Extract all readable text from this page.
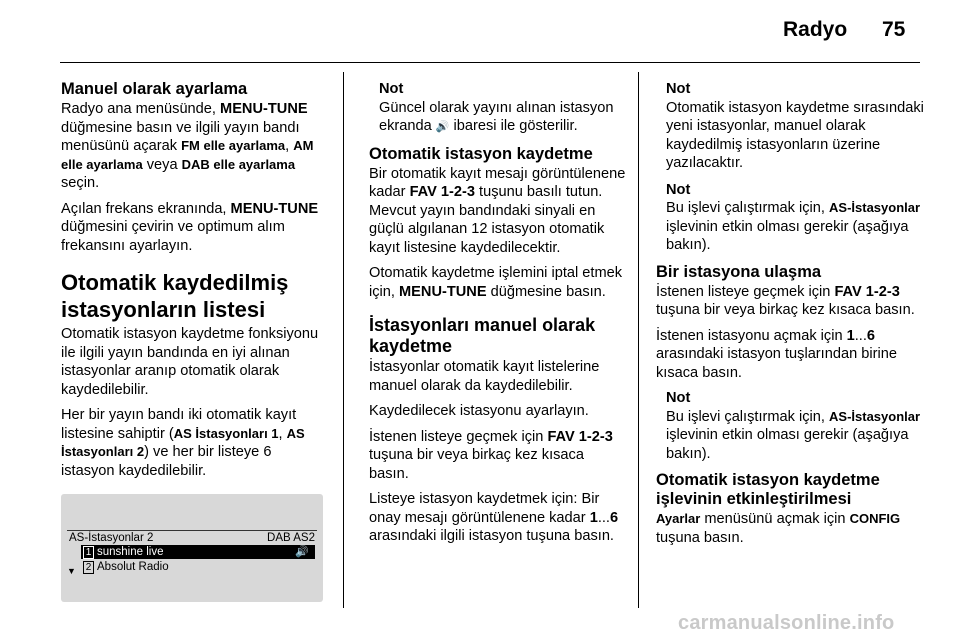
Radyo 75
Manuel olarak ayarlama

Radyo ana menüsünde, MENU-TUNE düğmesine basın ve ilgili yayın bandı menüsünü açarak FM elle ayarlama, AM elle ayarlama veya DAB elle ayarlama seçin.

Açılan frekans ekranında, MENU-TUNE düğmesini çevirin ve optimum alım frekansını ayarlayın.

Otomatik kaydedilmiş istasyonların listesi

Otomatik istasyon kaydetme fonksiyonu ile ilgili yayın bandında en iyi alınan istasyonlar aranıp otomatik olarak kaydedilebilir.

Her bir yayın bandı iki otomatik kayıt listesine sahiptir (AS İstasyonları 1, AS İstasyonları 2) ve her bir listeye 6 istasyon kaydedilebilir.

AS-İstasyonlar 2	DAB AS2
1 sunshine live	🔊
▼ 2 Absolut Radio
Not
Güncel olarak yayını alınan istasyon ekranda 🔊 ibaresi ile gösterilir.
Otomatik istasyon kaydetme

Bir otomatik kayıt mesajı görüntülenene kadar FAV 1-2-3 tuşunu basılı tutun. Mevcut yayın bandındaki sinyali en güçlü algılanan 12 istasyon otomatik kayıt listesine kaydedilecektir.

Otomatik kaydetme işlemini iptal etmek için, MENU-TUNE düğmesine basın.

İstasyonları manuel olarak kaydetme

İstasyonlar otomatik kayıt listelerine manuel olarak da kaydedilebilir.

Kaydedilecek istasyonu ayarlayın.

İstenen listeye geçmek için FAV 1-2-3 tuşuna bir veya birkaç kez kısaca basın.

Listeye istasyon kaydetmek için: Bir onay mesajı görüntülenene kadar 1...6 arasındaki ilgili istasyon tuşuna basın.

Not
Otomatik istasyon kaydetme sırasındaki yeni istasyonlar, manuel olarak kaydedilmiş istasyonların üzerine yazılacaktır.
Not
Bu işlevi çalıştırmak için, AS-İstasyonlar işlevinin etkin olması gerekir (aşağıya bakın).
Bir istasyona ulaşma

İstenen listeye geçmek için FAV 1-2-3 tuşuna bir veya birkaç kez kısaca basın.

İstenen istasyonu açmak için 1...6 arasındaki istasyon tuşlarından birine kısaca basın.

Not
Bu işlevi çalıştırmak için, AS-İstasyonlar işlevinin etkin olması gerekir (aşağıya bakın).
Otomatik istasyon kaydetme işlevinin etkinleştirilmesi

Ayarlar menüsünü açmak için CONFIG tuşuna basın.

carmanualsonline.info
